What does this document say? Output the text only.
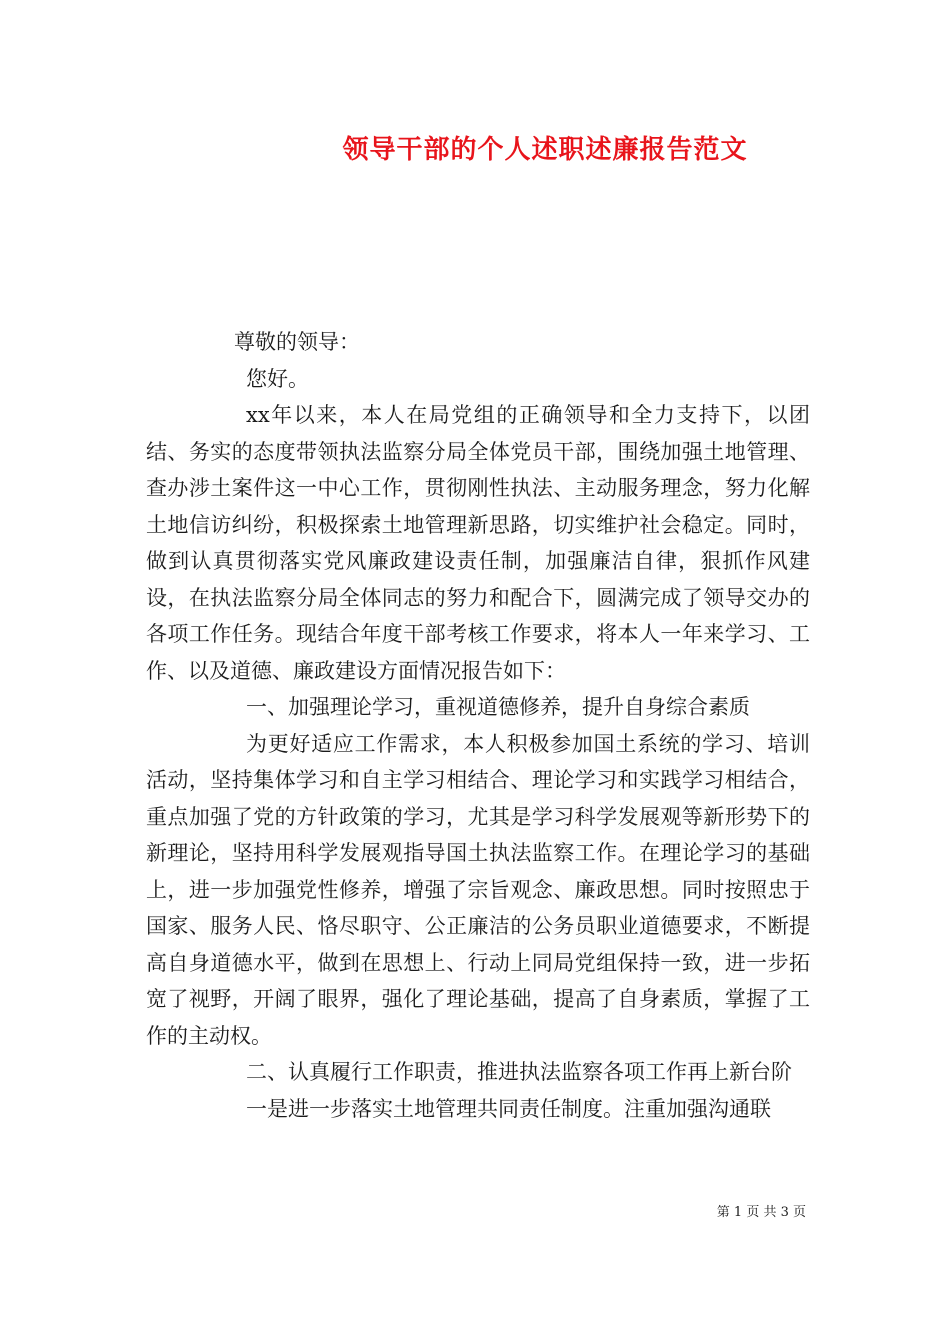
领导干部的个人述职述廉报告范文

尊敬的领导：

您好。

xx年以来，本人在局党组的正确领导和全力支持下，以团结、务实的态度带领执法监察分局全体党员干部，围绕加强土地管理、查办涉土案件这一中心工作，贯彻刚性执法、主动服务理念，努力化解土地信访纠纷，积极探索土地管理新思路，切实维护社会稳定。同时，做到认真贯彻落实党风廉政建设责任制，加强廉洁自律，狠抓作风建设，在执法监察分局全体同志的努力和配合下，圆满完成了领导交办的各项工作任务。现结合年度干部考核工作要求，将本人一年来学习、工作、以及道德、廉政建设方面情况报告如下：

一、加强理论学习，重视道德修养，提升自身综合素质

为更好适应工作需求，本人积极参加国土系统的学习、培训活动，坚持集体学习和自主学习相结合、理论学习和实践学习相结合，重点加强了党的方针政策的学习，尤其是学习科学发展观等新形势下的新理论，坚持用科学发展观指导国土执法监察工作。在理论学习的基础上，进一步加强党性修养，增强了宗旨观念、廉政思想。同时按照忠于国家、服务人民、恪尽职守、公正廉洁的公务员职业道德要求，不断提高自身道德水平，做到在思想上、行动上同局党组保持一致，进一步拓宽了视野，开阔了眼界，强化了理论基础，提高了自身素质，掌握了工作的主动权。

二、认真履行工作职责，推进执法监察各项工作再上新台阶

一是进一步落实土地管理共同责任制度。注重加强沟通联

第 1 页 共 3 页
